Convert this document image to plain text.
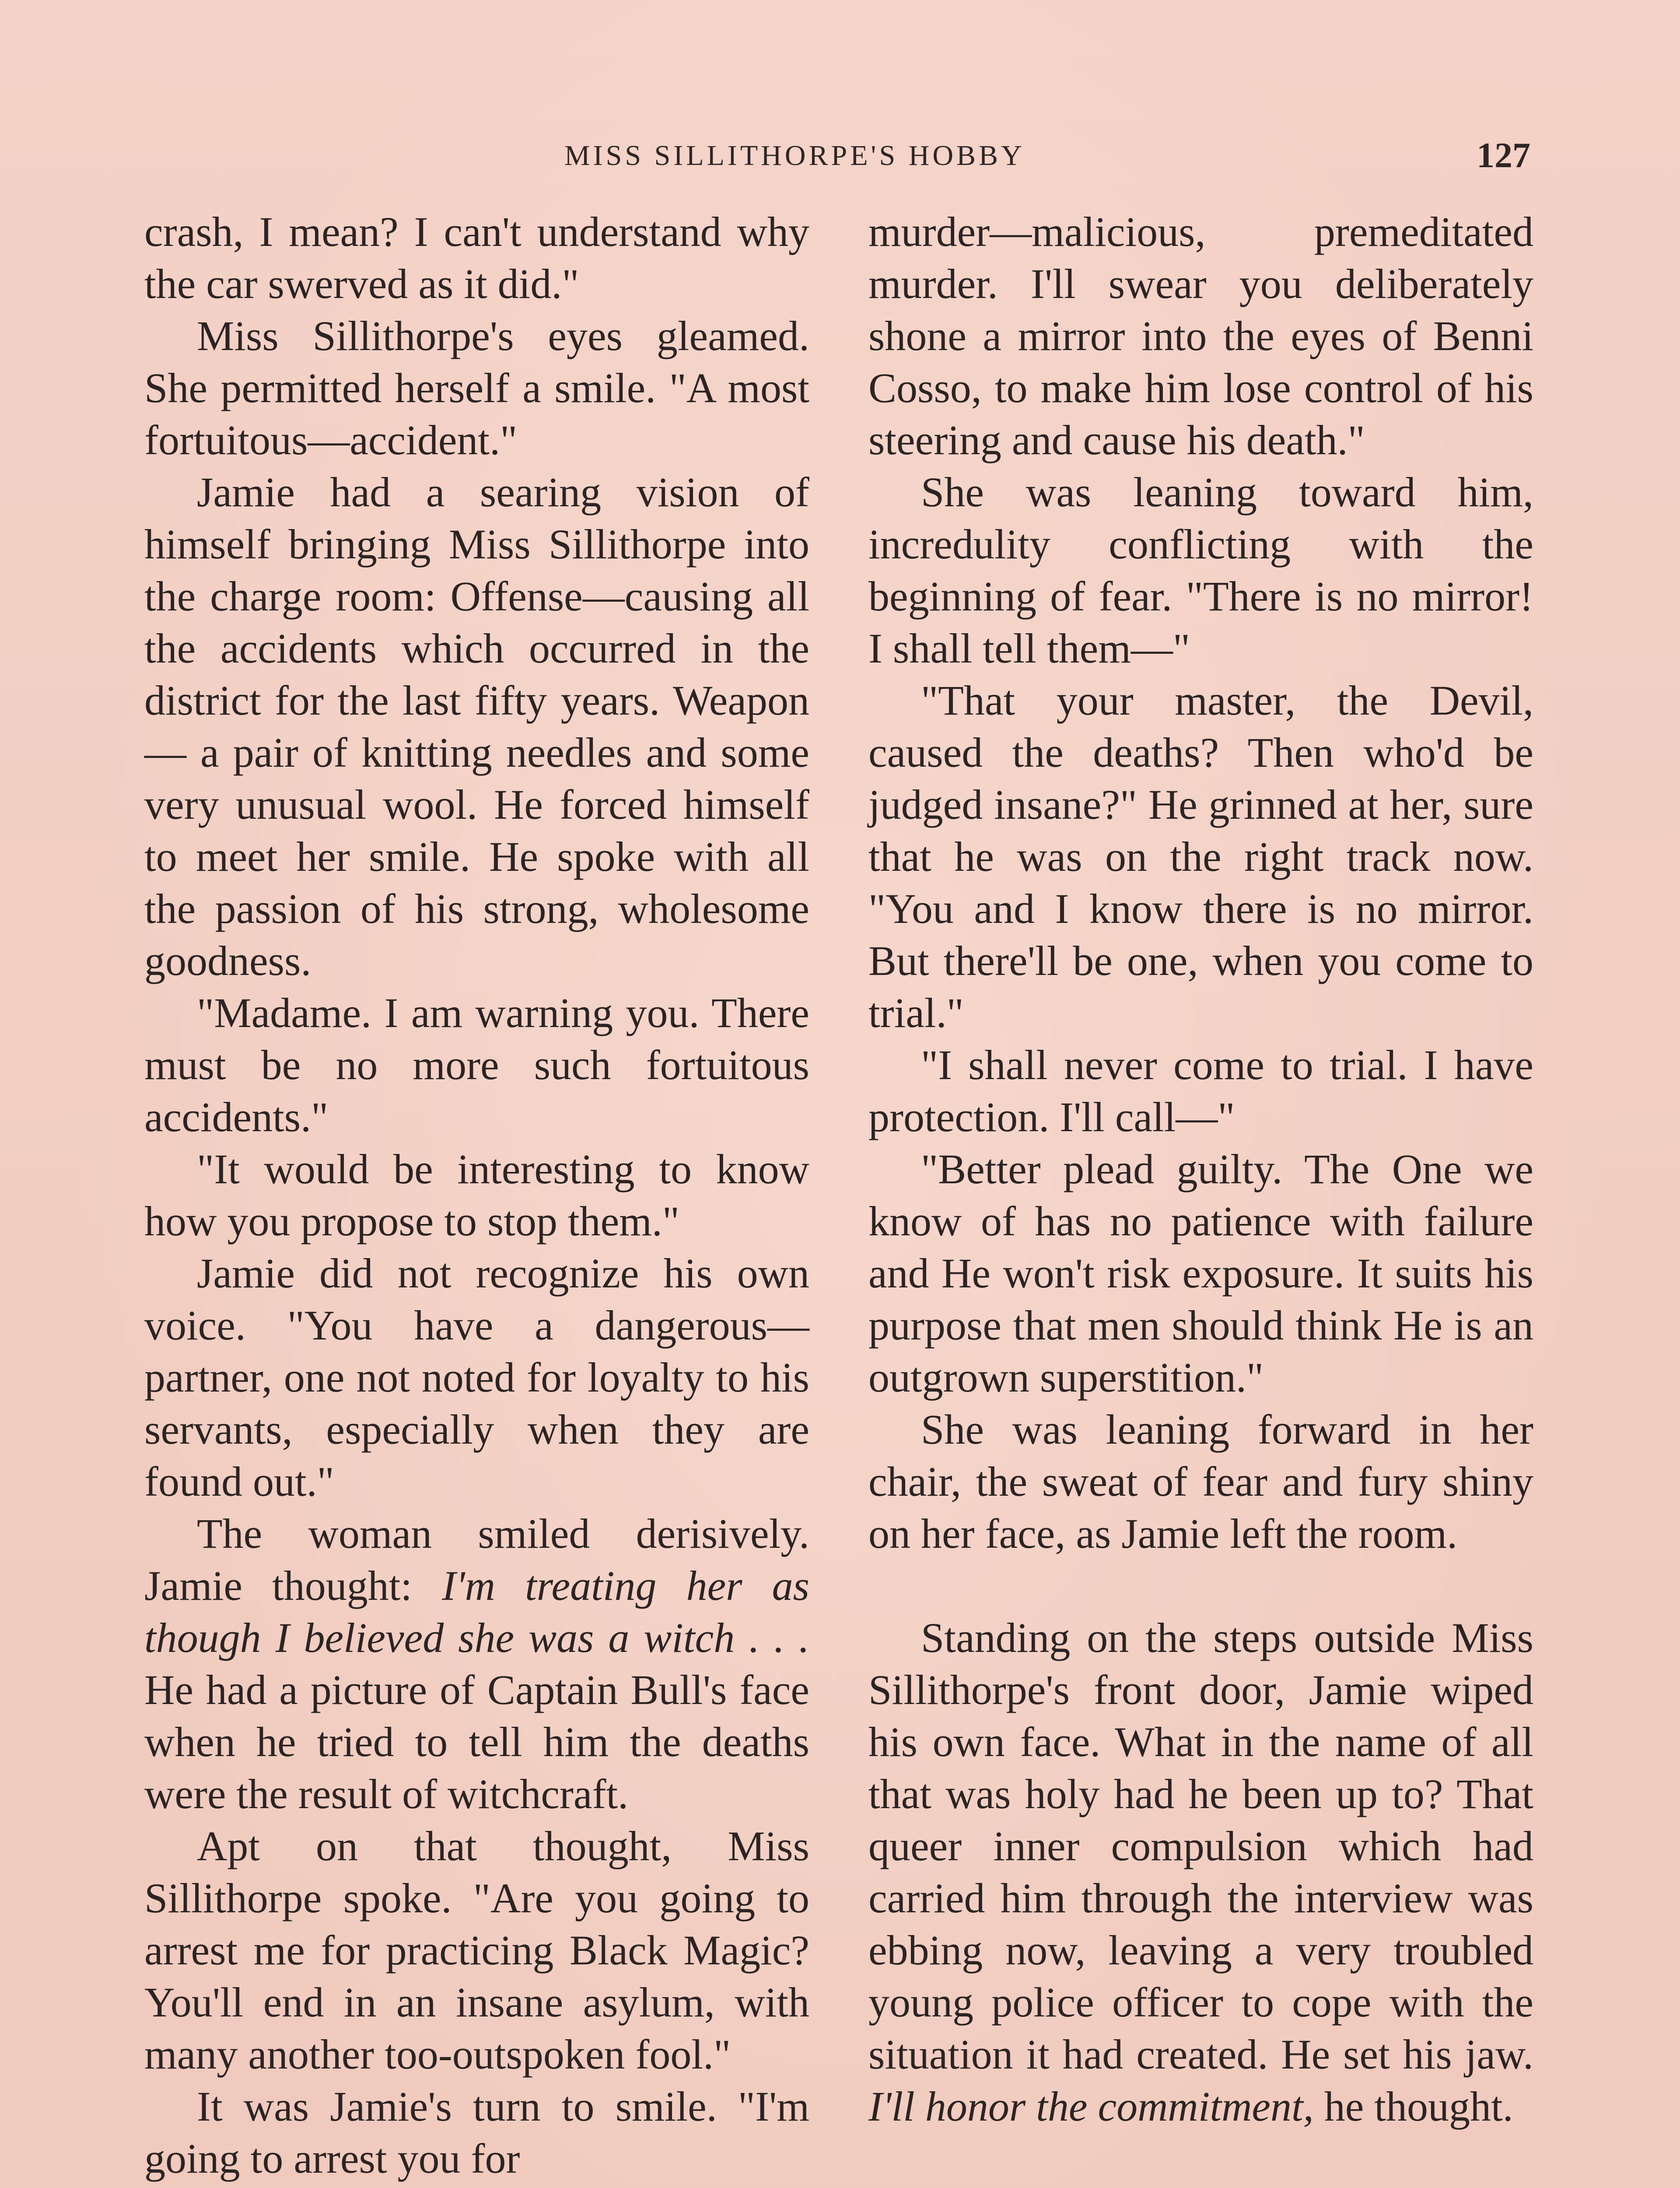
MISS SILLITHORPE'S HOBBY	127

crash, I mean? I can't understand why the car swerved as it did."

Miss Sillithorpe's eyes gleamed. She permitted herself a smile. "A most fortuitous—accident."

Jamie had a searing vision of himself bringing Miss Sillithorpe into the charge room: Offense—causing all the accidents which occurred in the district for the last fifty years. Weapon— a pair of knitting needles and some very unusual wool. He forced himself to meet her smile. He spoke with all the passion of his strong, wholesome goodness.

"Madame. I am warning you. There must be no more such fortuitous accidents."

"It would be interesting to know how you propose to stop them."

Jamie did not recognize his own voice. "You have a dangerous—partner, one not noted for loyalty to his servants, especially when they are found out."

The woman smiled derisively. Jamie thought: I'm treating her as though I believed she was a witch . . . He had a picture of Captain Bull's face when he tried to tell him the deaths were the result of witchcraft.

Apt on that thought, Miss Sillithorpe spoke. "Are you going to arrest me for practicing Black Magic? You'll end in an insane asylum, with many another too-outspoken fool."

It was Jamie's turn to smile. "I'm going to arrest you for

murder—malicious, premeditated murder. I'll swear you deliberately shone a mirror into the eyes of Benni Cosso, to make him lose control of his steering and cause his death."

She was leaning toward him, incredulity conflicting with the beginning of fear. "There is no mirror! I shall tell them—"

"That your master, the Devil, caused the deaths? Then who'd be judged insane?" He grinned at her, sure that he was on the right track now. "You and I know there is no mirror. But there'll be one, when you come to trial."

"I shall never come to trial. I have protection. I'll call—"

"Better plead guilty. The One we know of has no patience with failure and He won't risk exposure. It suits his purpose that men should think He is an outgrown superstition."

She was leaning forward in her chair, the sweat of fear and fury shiny on her face, as Jamie left the room.

Standing on the steps outside Miss Sillithorpe's front door, Jamie wiped his own face. What in the name of all that was holy had he been up to? That queer inner compulsion which had carried him through the interview was ebbing now, leaving a very troubled young police officer to cope with the situation it had created. He set his jaw. I'll honor the commitment, he thought.
